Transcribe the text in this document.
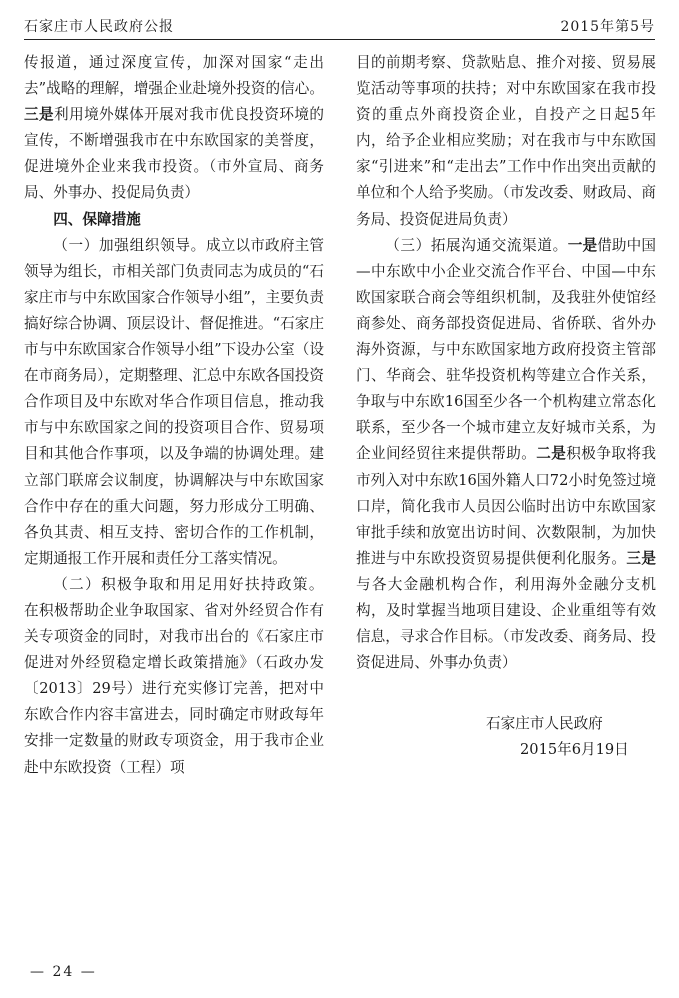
石家庄市人民政府公报	2015年第5号

传报道，通过深度宣传，加深对国家“走出去”战略的理解，增强企业赴境外投资的信心。三是利用境外媒体开展对我市优良投资环境的宣传，不断增强我市在中东欧国家的美誉度，促进境外企业来我市投资。（市外宣局、商务局、外事办、投促局负责）

四、保障措施

（一）加强组织领导。成立以市政府主管领导为组长，市相关部门负责同志为成员的“石家庄市与中东欧国家合作领导小组”，主要负责搞好综合协调、顶层设计、督促推进。“石家庄市与中东欧国家合作领导小组”下设办公室（设在市商务局），定期整理、汇总中东欧各国投资合作项目及中东欧对华合作项目信息，推动我市与中东欧国家之间的投资项目合作、贸易项目和其他合作事项，以及争端的协调处理。建立部门联席会议制度，协调解决与中东欧国家合作中存在的重大问题，努力形成分工明确、各负其责、相互支持、密切合作的工作机制，定期通报工作开展和责任分工落实情况。

（二）积极争取和用足用好扶持政策。在积极帮助企业争取国家、省对外经贸合作有关专项资金的同时，对我市出台的《石家庄市促进对外经贸稳定增长政策措施》（石政办发〔2013〕29号）进行充实修订完善，把对中东欧合作内容丰富进去，同时确定市财政每年安排一定数量的财政专项资金，用于我市企业赴中东欧投资（工程）项

目的前期考察、贷款贴息、推介对接、贸易展览活动等事项的扶持；对中东欧国家在我市投资的重点外商投资企业，自投产之日起5年内，给予企业相应奖励；对在我市与中东欧国家“引进来”和“走出去”工作中作出突出贡献的单位和个人给予奖励。（市发改委、财政局、商务局、投资促进局负责）

（三）拓展沟通交流渠道。一是借助中国—中东欧中小企业交流合作平台、中国—中东欧国家联合商会等组织机制，及我驻外使馆经商参处、商务部投资促进局、省侨联、省外办海外资源，与中东欧国家地方政府投资主管部门、华商会、驻华投资机构等建立合作关系，争取与中东欧16国至少各一个机构建立常态化联系，至少各一个城市建立友好城市关系，为企业间经贸往来提供帮助。二是积极争取将我市列入对中东欧16国外籍人口72小时免签过境口岸，简化我市人员因公临时出访中东欧国家审批手续和放宽出访时间、次数限制，为加快推进与中东欧投资贸易提供便利化服务。三是与各大金融机构合作，利用海外金融分支机构，及时掌握当地项目建设、企业重组等有效信息，寻求合作目标。（市发改委、商务局、投资促进局、外事办负责）

石家庄市人民政府
2015年6月19日
— 24 —
